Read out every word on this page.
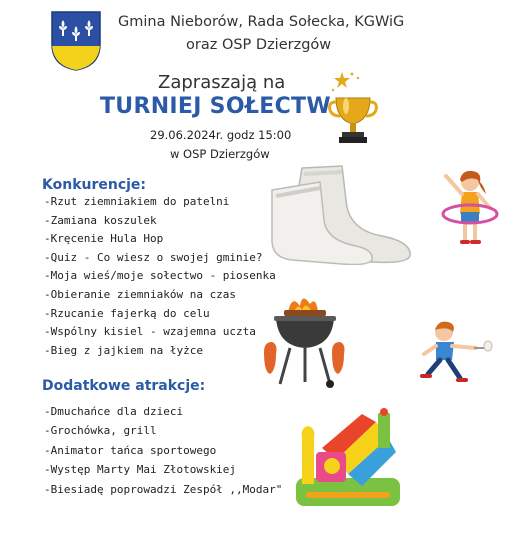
Gmina Nieborów, Rada Sołecka, KGWiG
oraz OSP Dzierzgów
Zapraszają na
TURNIEJ SOŁECTW
29.06.2024r. godz 15:00
w OSP Dzierzgów
Konkurencje:
-Rzut ziemniakiem do patelni
-Zamiana koszulek
-Kręcenie Hula Hop
-Quiz - Co wiesz o swojej gminie?
-Moja wieś/moje sołectwo - piosenka
-Obieranie ziemniaków na czas
-Rzucanie fajerką do celu
-Wspólny kisiel - wzajemna uczta
-Bieg z jajkiem na łyżce
Dodatkowe atrakcje:
-Dmuchańce dla dzieci
-Grochówka, grill
-Animator tańca sportowego
-Występ Marty Mai Złotowskiej
-Biesiadę poprowadzi Zespół ,,Modar"
